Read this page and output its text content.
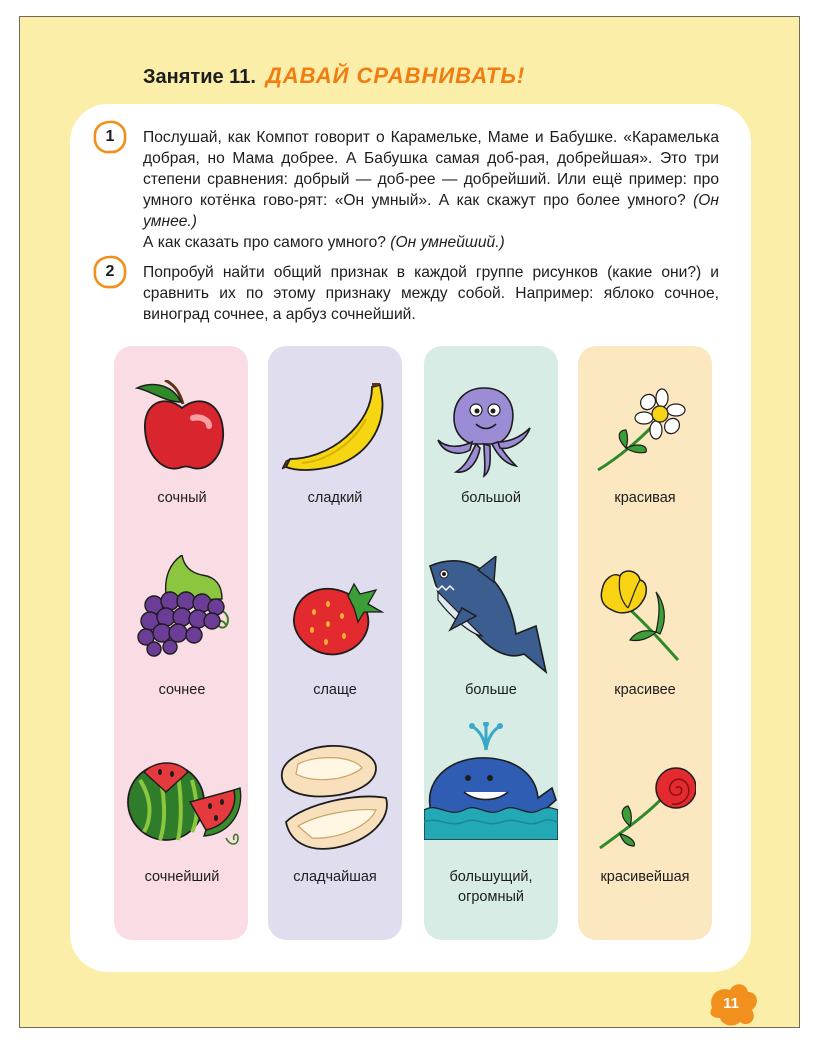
Занятие 11. ДАВАЙ СРАВНИВАТЬ!
1	Послушай, как Компот говорит о Карамельке, Маме и Бабушке. «Карамелька добрая, но Мама добрее. А Бабушка самая доб-рая, добрейшая». Это три степени сравнения: добрый — доб-рее — добрейший. Или ещё пример: про умного котёнка гово-рят: «Он умный». А как скажут про более умного? (Он умнее.)
А как сказать про самого умного? (Он умнейший.)
2	Попробуй найти общий признак в каждой группе рисунков (какие они?) и сравнить их по этому признаку между собой. Например: яблоко сочное, виноград сочнее, а арбуз сочнейший.
сочный
сочнее
сочнейший
сладкий
слаще
сладчайшая
большой
больше
большущий, огромный
красивая
красивее
красивейшая
11
